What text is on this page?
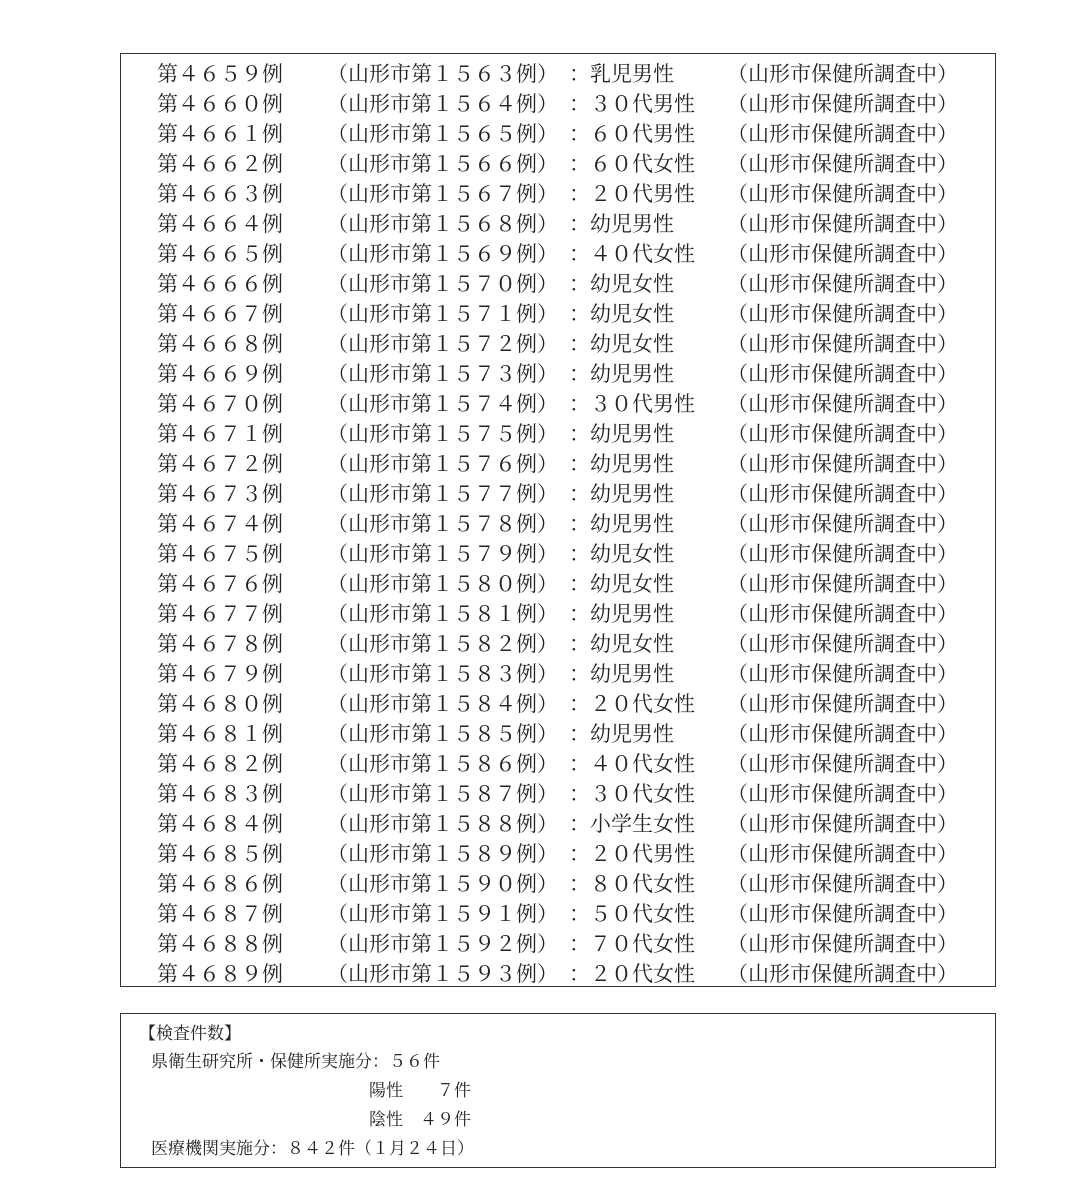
第４６５９例	（山形市第１５６３例） ：乳児男性	（山形市保健所調査中）
第４６６０例	（山形市第１５６４例） ：３０代男性	（山形市保健所調査中）
第４６６１例	（山形市第１５６５例） ：６０代男性	（山形市保健所調査中）
第４６６２例	（山形市第１５６６例） ：６０代女性	（山形市保健所調査中）
第４６６３例	（山形市第１５６７例） ：２０代男性	（山形市保健所調査中）
第４６６４例	（山形市第１５６８例） ：幼児男性	（山形市保健所調査中）
第４６６５例	（山形市第１５６９例） ：４０代女性	（山形市保健所調査中）
第４６６６例	（山形市第１５７０例） ：幼児女性	（山形市保健所調査中）
第４６６７例	（山形市第１５７１例） ：幼児女性	（山形市保健所調査中）
第４６６８例	（山形市第１５７２例） ：幼児女性	（山形市保健所調査中）
第４６６９例	（山形市第１５７３例） ：幼児男性	（山形市保健所調査中）
第４６７０例	（山形市第１５７４例） ：３０代男性	（山形市保健所調査中）
第４６７１例	（山形市第１５７５例） ：幼児男性	（山形市保健所調査中）
第４６７２例	（山形市第１５７６例） ：幼児男性	（山形市保健所調査中）
第４６７３例	（山形市第１５７７例） ：幼児男性	（山形市保健所調査中）
第４６７４例	（山形市第１５７８例） ：幼児男性	（山形市保健所調査中）
第４６７５例	（山形市第１５７９例） ：幼児女性	（山形市保健所調査中）
第４６７６例	（山形市第１５８０例） ：幼児女性	（山形市保健所調査中）
第４６７７例	（山形市第１５８１例） ：幼児男性	（山形市保健所調査中）
第４６７８例	（山形市第１５８２例） ：幼児女性	（山形市保健所調査中）
第４６７９例	（山形市第１５８３例） ：幼児男性	（山形市保健所調査中）
第４６８０例	（山形市第１５８４例） ：２０代女性	（山形市保健所調査中）
第４６８１例	（山形市第１５８５例） ：幼児男性	（山形市保健所調査中）
第４６８２例	（山形市第１５８６例） ：４０代女性	（山形市保健所調査中）
第４６８３例	（山形市第１５８７例） ：３０代女性	（山形市保健所調査中）
第４６８４例	（山形市第１５８８例） ：小学生女性	（山形市保健所調査中）
第４６８５例	（山形市第１５８９例） ：２０代男性	（山形市保健所調査中）
第４６８６例	（山形市第１５９０例） ：８０代女性	（山形市保健所調査中）
第４６８７例	（山形市第１５９１例） ：５０代女性	（山形市保健所調査中）
第４６８８例	（山形市第１５９２例） ：７０代女性	（山形市保健所調査中）
第４６８９例	（山形市第１５９３例） ：２０代女性	（山形市保健所調査中）
【検査件数】
県衛生研究所・保健所実施分：５６件
陽性　　７件
陰性　４９件
医療機関実施分：８４２件（１月２４日）
